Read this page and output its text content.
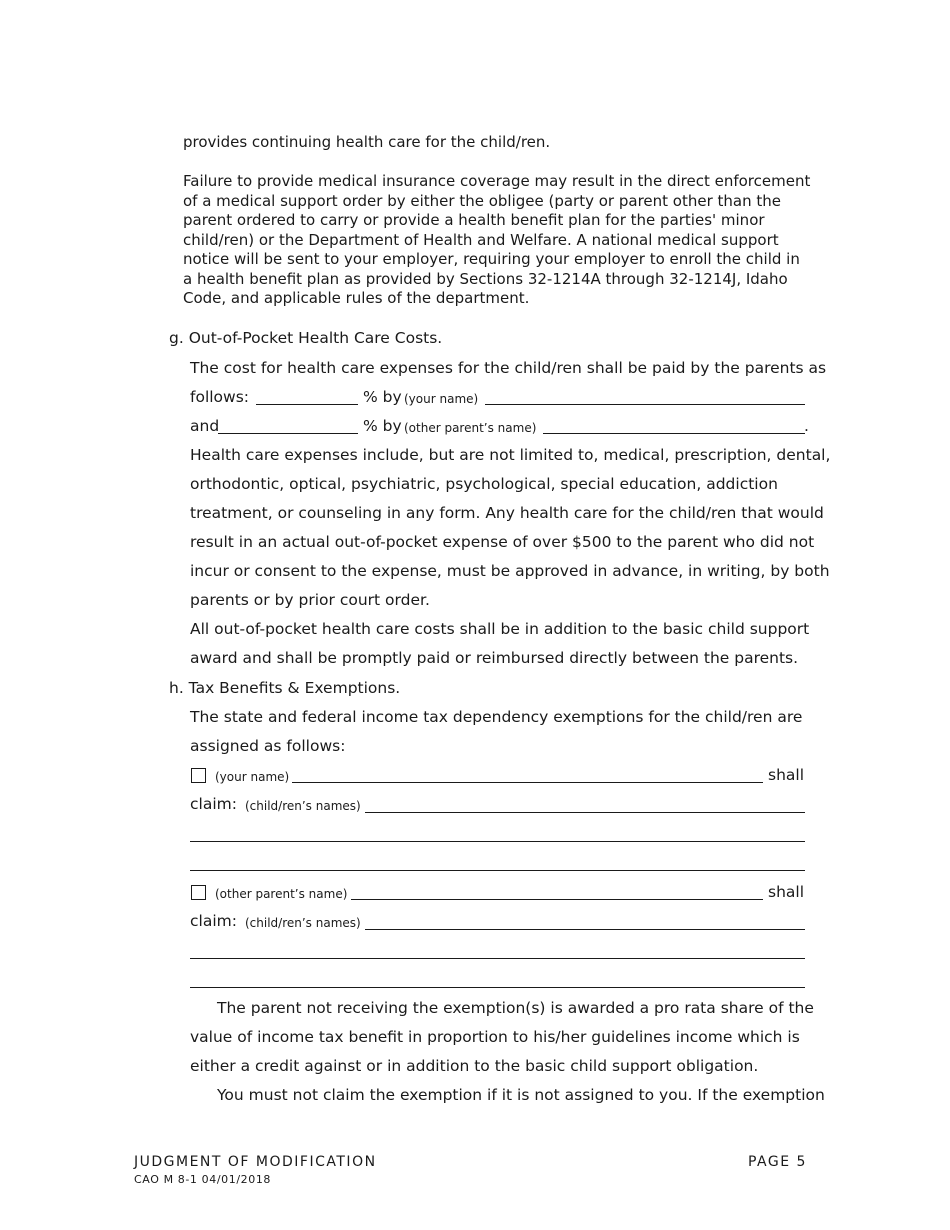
provides continuing health care for the child/ren.
Failure to provide medical insurance coverage may result in the direct enforcement of a medical support order by either the obligee (party or parent other than the parent ordered to carry or provide a health benefit plan for the parties' minor child/ren) or the Department of Health and Welfare. A national medical support notice will be sent to your employer, requiring your employer to enroll the child in a health benefit plan as provided by Sections 32-1214A through 32-1214J, Idaho Code, and applicable rules of the department.
g. Out-of-Pocket Health Care Costs.
The cost for health care expenses for the child/ren shall be paid by the parents as
follows:	% by (your name)
and	% by (other parent’s name)	.
Health care expenses include, but are not limited to, medical, prescription, dental,
orthodontic, optical, psychiatric, psychological, special education, addiction
treatment, or counseling in any form. Any health care for the child/ren that would
result in an actual out-of-pocket expense of over $500 to the parent who did not
incur or consent to the expense, must be approved in advance, in writing, by both
parents or by prior court order.
All out-of-pocket health care costs shall be in addition to the basic child support
award and shall be promptly paid or reimbursed directly between the parents.
h. Tax Benefits & Exemptions.
The state and federal income tax dependency exemptions for the child/ren are
assigned as follows:
(your name)	shall
claim: (child/ren’s names)
(other parent’s name)	shall
claim: (child/ren’s names)
The parent not receiving the exemption(s) is awarded a pro rata share of the
value of income tax benefit in proportion to his/her guidelines income which is
either a credit against or in addition to the basic child support obligation.
You must not claim the exemption if it is not assigned to you. If the exemption
JUDGMENT OF MODIFICATION
CAO M 8-1 04/01/2018
PAGE 5
